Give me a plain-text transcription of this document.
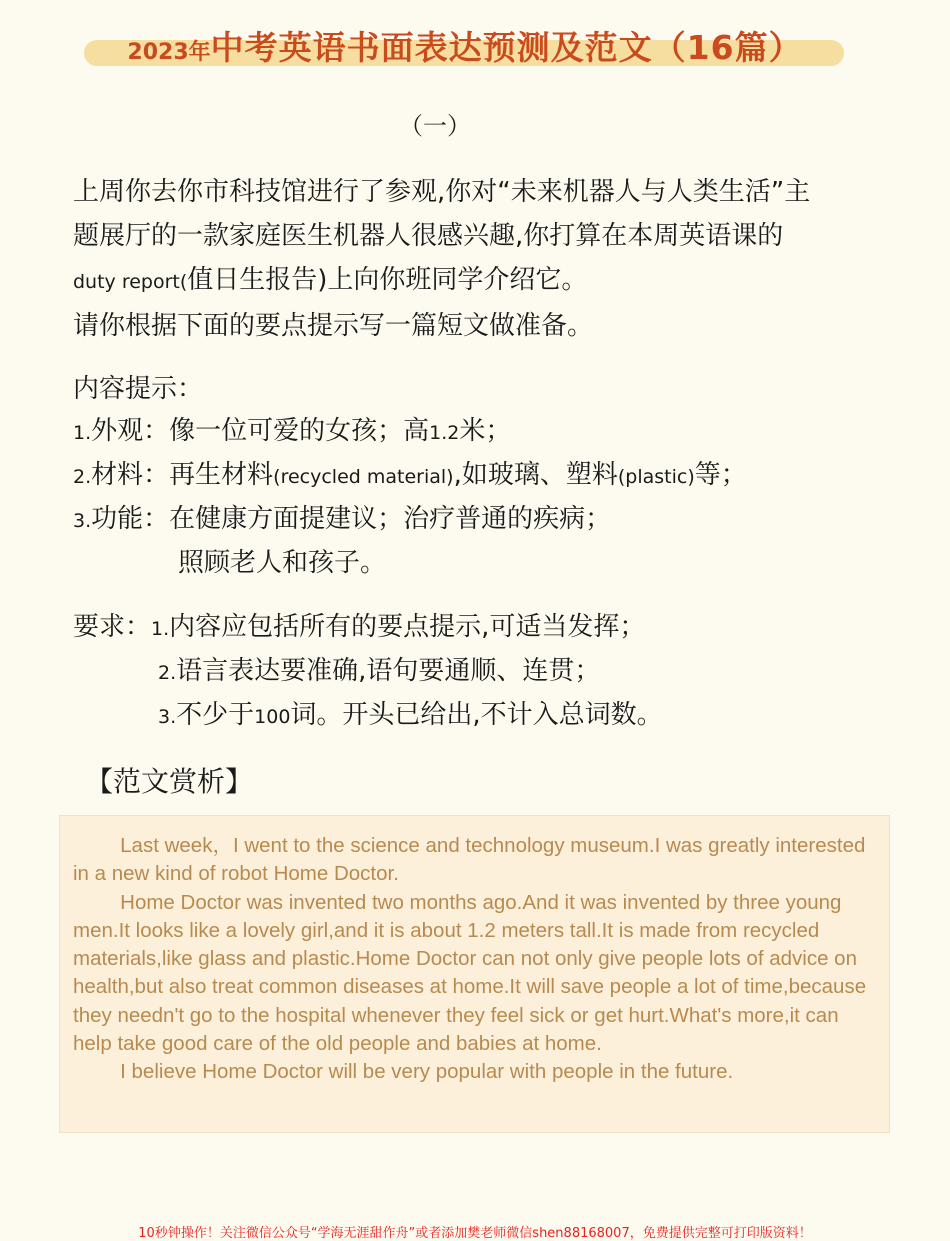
2023年中考英语书面表达预测及范文（16篇）
（一）
上周你去你市科技馆进行了参观,你对“未来机器人与人类生活”主
题展厅的一款家庭医生机器人很感兴趣,你打算在本周英语课的
duty report(值日生报告)上向你班同学介绍它。
请你根据下面的要点提示写一篇短文做准备。
内容提示：
1.外观：像一位可爱的女孩；高1.2米；
2.材料：再生材料(recycled material),如玻璃、塑料(plastic)等；
3.功能：在健康方面提建议；治疗普通的疾病；
照顾老人和孩子。
要求：1.内容应包括所有的要点提示,可适当发挥；
2.语言表达要准确,语句要通顺、连贯；
3.不少于100词。开头已给出,不计入总词数。
【范文赏析】

Last week，I went to the science and technology museum.I was greatly interested in a new kind of robot Home Doctor.

Home Doctor was invented two months ago.And it was invented by three young men.It looks like a lovely girl,and it is about 1.2 meters tall.It is made from recycled materials,like glass and plastic.Home Doctor can not only give people lots of advice on health,but also treat common diseases at home.It will save people a lot of time,because they needn't go to the hospital whenever they feel sick or get hurt.What's more,it can help take good care of the old people and babies at home.

I believe Home Doctor will be very popular with people in the future.

10秒钟操作！关注微信公众号“学海无涯甜作舟”或者添加樊老师微信shen88168007，免费提供完整可打印版资料！
